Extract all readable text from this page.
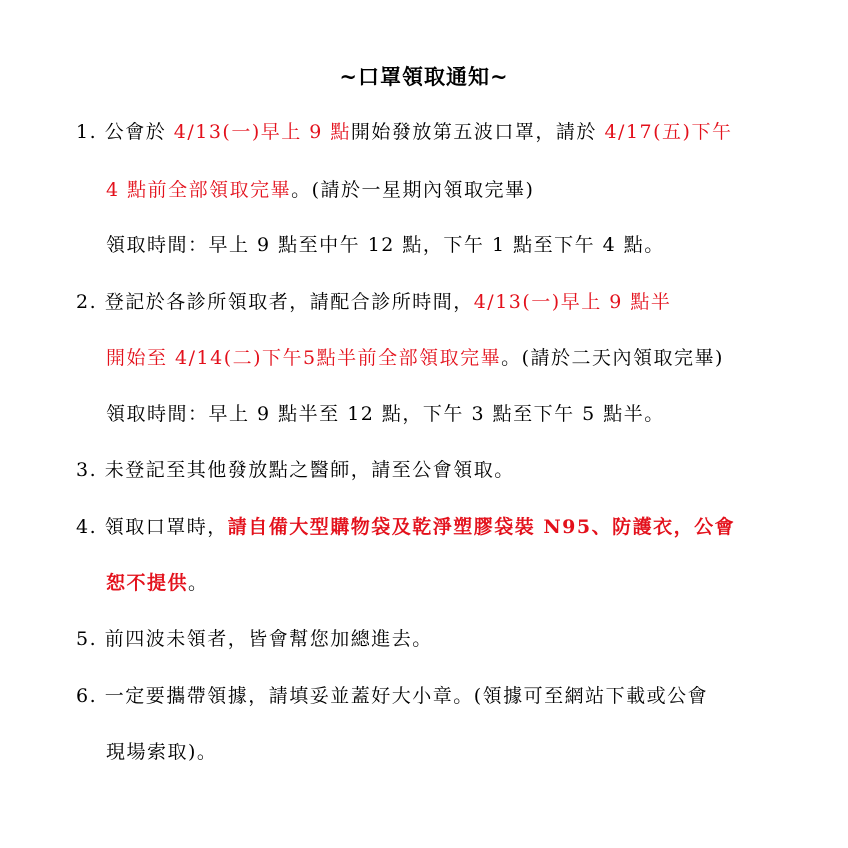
~口罩領取通知~
1. 公會於 4/13(一)早上 9 點開始發放第五波口罩，請於 4/17(五)下午
4 點前全部領取完畢。(請於一星期內領取完畢)
領取時間：早上 9 點至中午 12 點，下午 1 點至下午 4 點。
2. 登記於各診所領取者，請配合診所時間，4/13(一)早上 9 點半
開始至 4/14(二)下午5點半前全部領取完畢。(請於二天內領取完畢)
領取時間：早上 9 點半至 12 點，下午 3 點至下午 5 點半。
3. 未登記至其他發放點之醫師，請至公會領取。
4. 領取口罩時，請自備大型購物袋及乾淨塑膠袋裝 N95、防護衣，公會
恕不提供。
5. 前四波未領者，皆會幫您加總進去。
6. 一定要攜帶領據，請填妥並蓋好大小章。(領據可至網站下載或公會
現場索取)。
